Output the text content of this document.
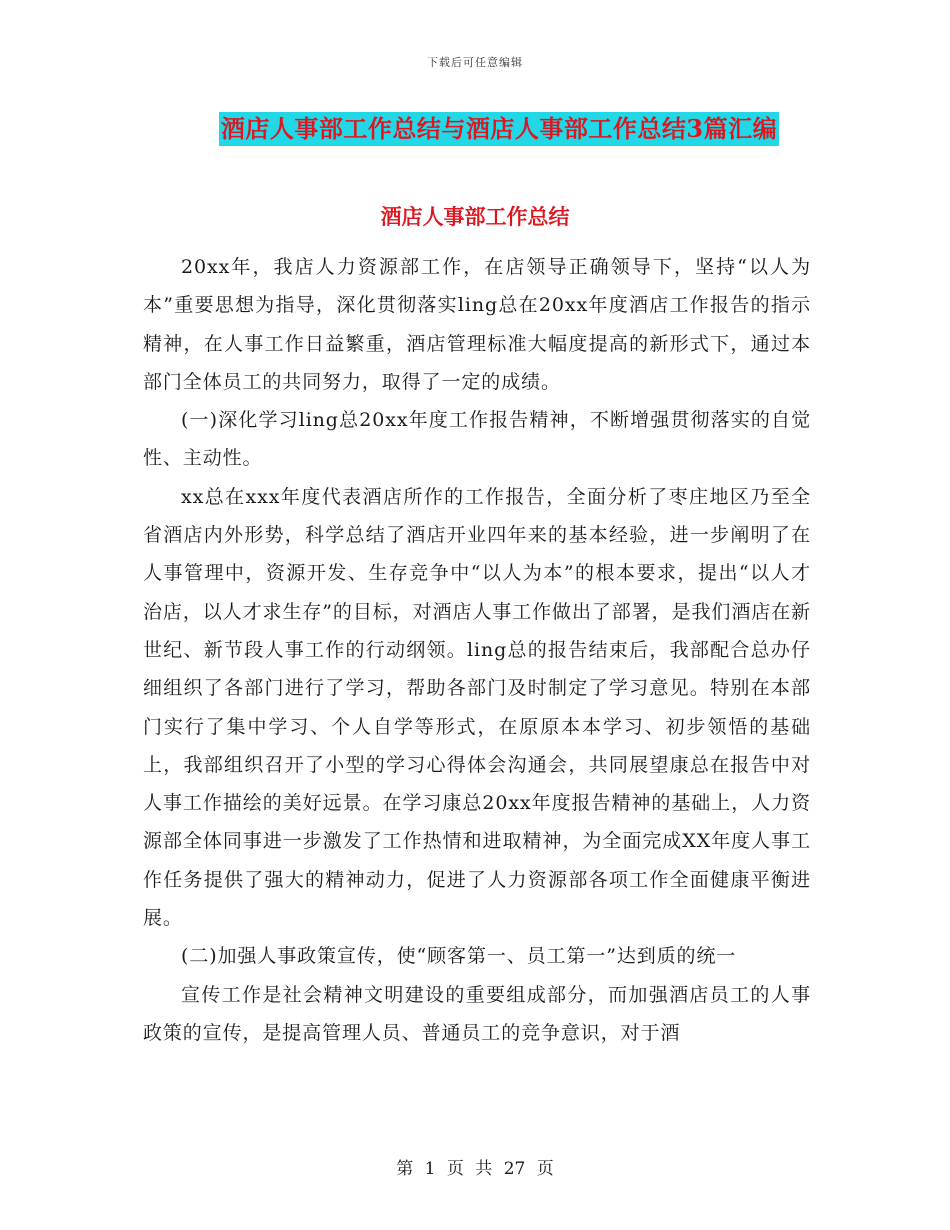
下载后可任意编辑
酒店人事部工作总结与酒店人事部工作总结3篇汇编
酒店人事部工作总结

20xx年，我店人力资源部工作，在店领导正确领导下，坚持“以人为本”重要思想为指导，深化贯彻落实ling总在20xx年度酒店工作报告的指示精神，在人事工作日益繁重，酒店管理标准大幅度提高的新形式下，通过本部门全体员工的共同努力，取得了一定的成绩。

(一)深化学习ling总20xx年度工作报告精神，不断增强贯彻落实的自觉性、主动性。

xx总在xxx年度代表酒店所作的工作报告，全面分析了枣庄地区乃至全省酒店内外形势，科学总结了酒店开业四年来的基本经验，进一步阐明了在人事管理中，资源开发、生存竞争中“以人为本”的根本要求，提出“以人才治店，以人才求生存”的目标，对酒店人事工作做出了部署，是我们酒店在新世纪、新节段人事工作的行动纲领。ling总的报告结束后，我部配合总办仔细组织了各部门进行了学习，帮助各部门及时制定了学习意见。特别在本部门实行了集中学习、个人自学等形式，在原原本本学习、初步领悟的基础上，我部组织召开了小型的学习心得体会沟通会，共同展望康总在报告中对人事工作描绘的美好远景。在学习康总20xx年度报告精神的基础上，人力资源部全体同事进一步激发了工作热情和进取精神，为全面完成XX年度人事工作任务提供了强大的精神动力，促进了人力资源部各项工作全面健康平衡进展。

(二)加强人事政策宣传，使“顾客第一、员工第一”达到质的统一

宣传工作是社会精神文明建设的重要组成部分，而加强酒店员工的人事政策的宣传，是提高管理人员、普通员工的竞争意识，对于酒

第 1 页 共 27 页
